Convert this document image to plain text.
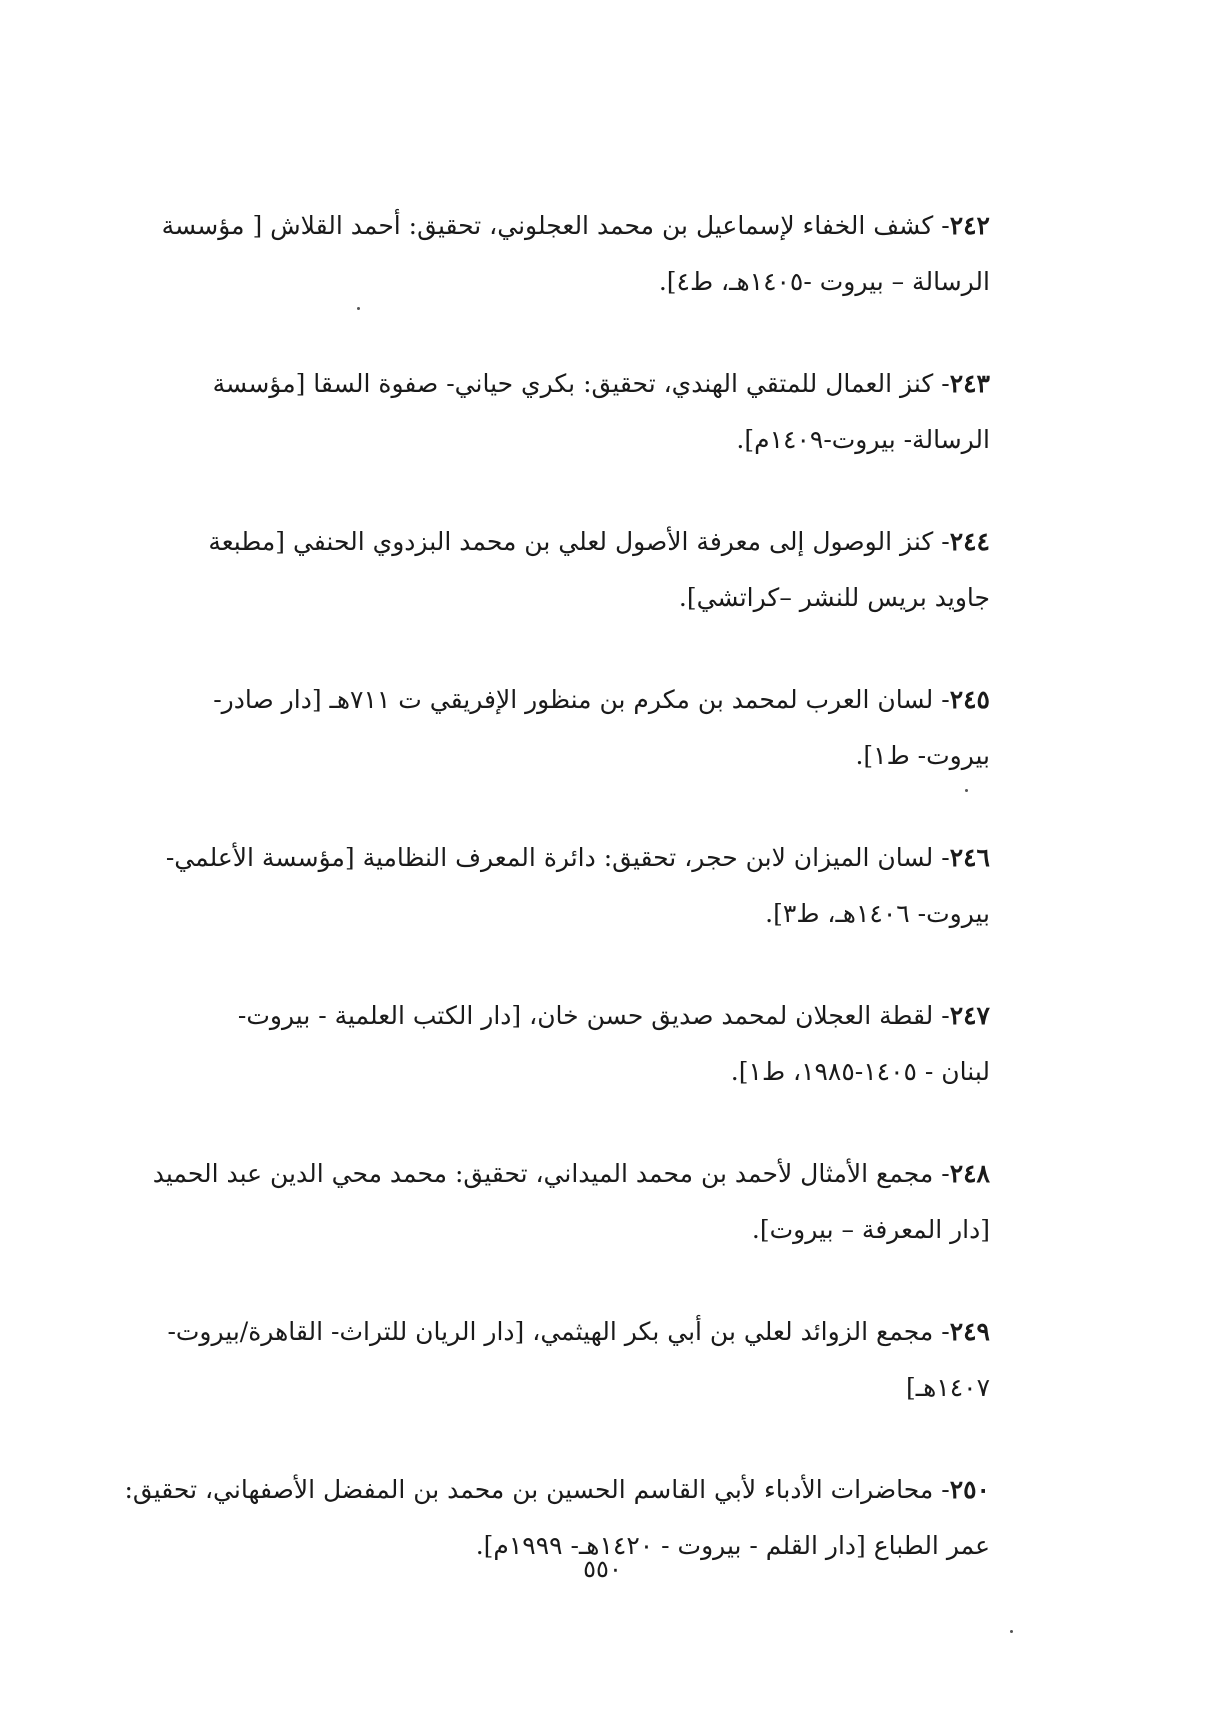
٢٤٢- كشف الخفاء لإسماعيل بن محمد العجلوني، تحقيق: أحمد القلاش [ مؤسسة
الرسالة – بيروت -١٤٠٥هـ، ط٤].
٢٤٣- كنز العمال للمتقي الهندي، تحقيق: بكري حياني- صفوة السقا [مؤسسة
الرسالة- بيروت-١٤٠٩م].
٢٤٤- كنز الوصول إلى معرفة الأصول لعلي بن محمد البزدوي الحنفي [مطبعة
جاويد بريس للنشر –كراتشي].
٢٤٥- لسان العرب لمحمد بن مكرم بن منظور الإفريقي ت ٧١١هـ [دار صادر-
بيروت- ط١].
٢٤٦- لسان الميزان لابن حجر، تحقيق: دائرة المعرف النظامية [مؤسسة الأعلمي-
بيروت- ١٤٠٦هـ، ط٣].
٢٤٧- لقطة العجلان لمحمد صديق حسن خان، [دار الكتب العلمية - بيروت-
لبنان - ١٤٠٥-١٩٨٥، ط١].
٢٤٨- مجمع الأمثال لأحمد بن محمد الميداني، تحقيق: محمد محي الدين عبد الحميد
[دار المعرفة – بيروت].
٢٤٩- مجمع الزوائد لعلي بن أبي بكر الهيثمي، [دار الريان للتراث- القاهرة/بيروت-
١٤٠٧هـ]
٢٥٠- محاضرات الأدباء لأبي القاسم الحسين بن محمد بن المفضل الأصفهاني، تحقيق:
عمر الطباع [دار القلم - بيروت - ١٤٢٠هـ- ١٩٩٩م].
٥٥٠
